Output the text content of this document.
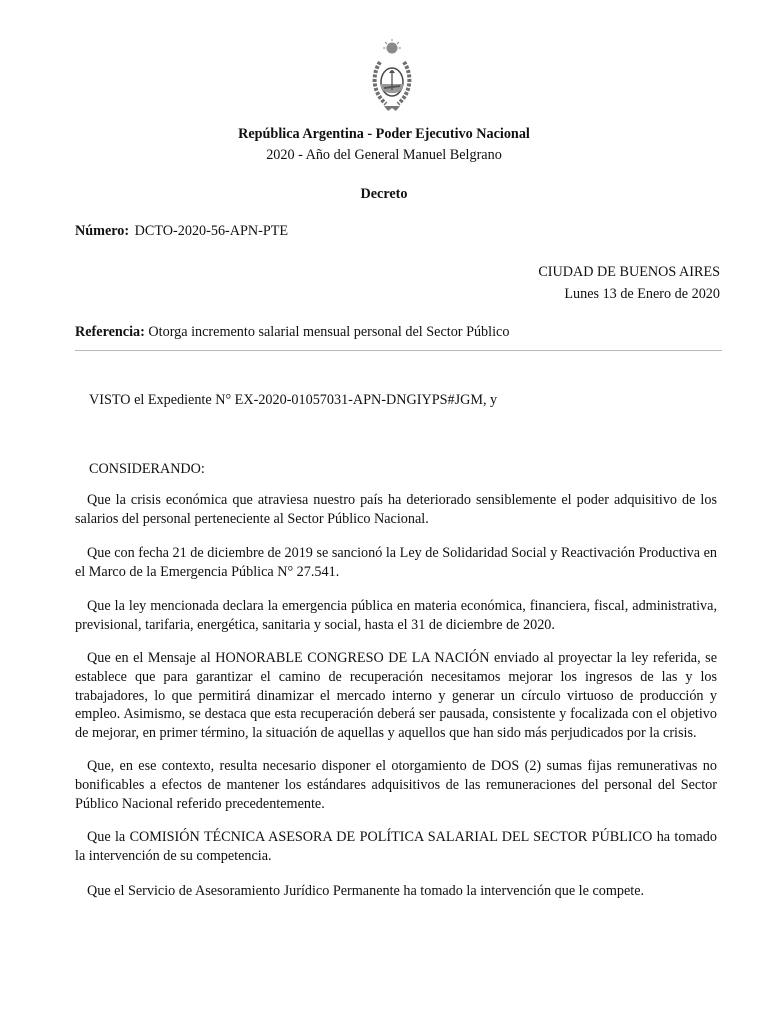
República Argentina - Poder Ejecutivo Nacional
2020 - Año del General Manuel Belgrano
Decreto
Número: DCTO-2020-56-APN-PTE
CIUDAD DE BUENOS AIRES
Lunes 13 de Enero de 2020
Referencia: Otorga incremento salarial mensual personal del Sector Público
VISTO el Expediente N° EX-2020-01057031-APN-DNGIYPS#JGM, y
CONSIDERANDO:
Que la crisis económica que atraviesa nuestro país ha deteriorado sensiblemente el poder adquisitivo de los salarios del personal perteneciente al Sector Público Nacional.
Que con fecha 21 de diciembre de 2019 se sancionó la Ley de Solidaridad Social y Reactivación Productiva en el Marco de la Emergencia Pública N° 27.541.
Que la ley mencionada declara la emergencia pública en materia económica, financiera, fiscal, administrativa, previsional, tarifaria, energética, sanitaria y social, hasta el 31 de diciembre de 2020.
Que en el Mensaje al HONORABLE CONGRESO DE LA NACIÓN enviado al proyectar la ley referida, se establece que para garantizar el camino de recuperación necesitamos mejorar los ingresos de las y los trabajadores, lo que permitirá dinamizar el mercado interno y generar un círculo virtuoso de producción y empleo. Asimismo, se destaca que esta recuperación deberá ser pausada, consistente y focalizada con el objetivo de mejorar, en primer término, la situación de aquellas y aquellos que han sido más perjudicados por la crisis.
Que, en ese contexto, resulta necesario disponer el otorgamiento de DOS (2) sumas fijas remunerativas no bonificables a efectos de mantener los estándares adquisitivos de las remuneraciones del personal del Sector Público Nacional referido precedentemente.
Que la COMISIÓN TÉCNICA ASESORA DE POLÍTICA SALARIAL DEL SECTOR PÚBLICO ha tomado la intervención de su competencia.
Que el Servicio de Asesoramiento Jurídico Permanente ha tomado la intervención que le compete.
